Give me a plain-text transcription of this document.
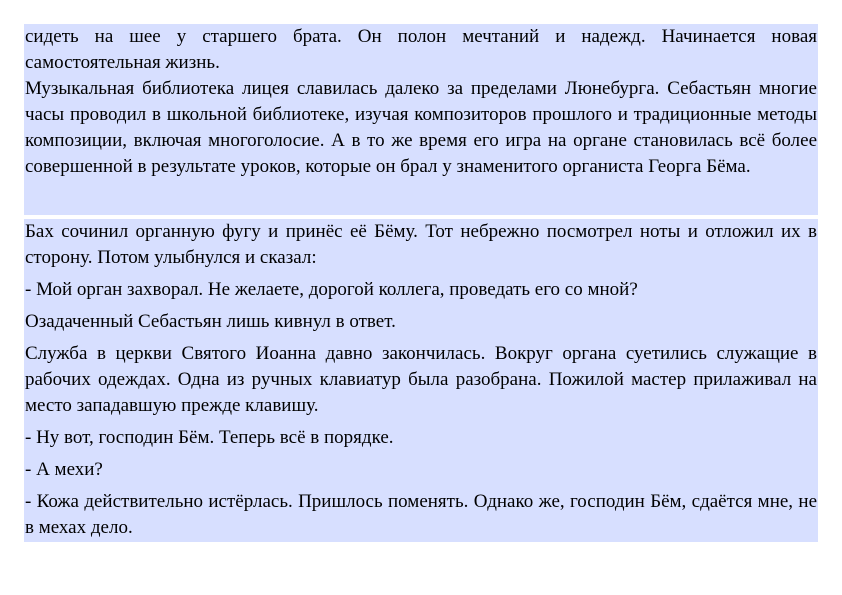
сидеть на шее у старшего брата. Он полон мечтаний и надежд. Начинается новая самостоятельная жизнь.

Музыкальная библиотека лицея славилась далеко за пределами Люнебурга. Себастьян многие часы проводил в школьной библиотеке, изучая композиторов прошлого и традиционные методы композиции, включая многоголосие. А в то же время его игра на органе становилась всё более совершенной в результате уроков, которые он брал у знаменитого органиста Георга Бёма.

Бах сочинил органную фугу и принёс её Бёму. Тот небрежно посмотрел ноты и отложил их в сторону. Потом улыбнулся и сказал:

- Мой орган захворал. Не желаете, дорогой коллега, проведать его со мной?

Озадаченный Себастьян лишь кивнул в ответ.

Служба в церкви Святого Иоанна давно закончилась. Вокруг органа суетились служащие в рабочих одеждах. Одна из ручных клавиатур была разобрана. Пожилой мастер прилаживал на место западавшую прежде клавишу.

- Ну вот, господин Бём. Теперь всё в порядке.

- А мехи?

- Кожа действительно истёрлась. Пришлось поменять. Однако же, господин Бём, сдаётся мне, не в мехах дело.
